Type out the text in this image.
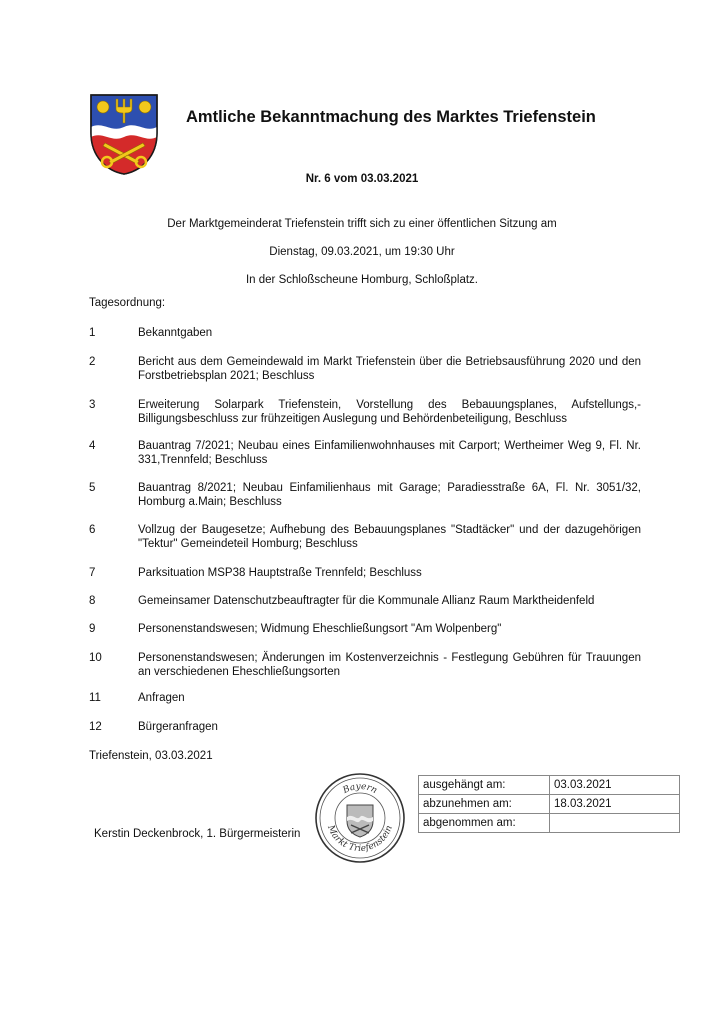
Amtliche Bekanntmachung des Marktes Triefenstein
Nr. 6 vom 03.03.2021
Der Marktgemeinderat Triefenstein trifft sich zu einer öffentlichen Sitzung am
Dienstag, 09.03.2021, um 19:30 Uhr
In der Schloßscheune Homburg, Schloßplatz.
Tagesordnung:
1	Bekanntgaben
2	Bericht aus dem Gemeindewald im Markt Triefenstein über die Betriebsausführung 2020 und den Forstbetriebsplan 2021; Beschluss
3	Erweiterung Solarpark Triefenstein, Vorstellung des Bebauungsplanes, Aufstellungs,- Billigungsbeschluss zur frühzeitigen Auslegung und Behördenbeteiligung, Beschluss
4	Bauantrag 7/2021; Neubau eines Einfamilienwohnhauses mit Carport; Wertheimer Weg 9, Fl. Nr. 331,Trennfeld; Beschluss
5	Bauantrag 8/2021; Neubau Einfamilienhaus mit Garage; Paradiesstraße 6A, Fl. Nr. 3051/32, Homburg a.Main; Beschluss
6	Vollzug der Baugesetze; Aufhebung des Bebauungsplanes "Stadtäcker" und der dazugehörigen "Tektur" Gemeindeteil Homburg; Beschluss
7	Parksituation MSP38 Hauptstraße Trennfeld; Beschluss
8	Gemeinsamer Datenschutzbeauftragter für die Kommunale Allianz Raum Marktheidenfeld
9	Personenstandswesen; Widmung Eheschließungsort "Am Wolpenberg"
10	Personenstandswesen; Änderungen im Kostenverzeichnis - Festlegung Gebühren für Trauungen an verschiedenen Eheschließungsorten
11	Anfragen
12	Bürgeranfragen
Triefenstein, 03.03.2021
Bayern
Markt Triefenstein
Kerstin Deckenbrock, 1. Bürgermeisterin
ausgehängt am:	03.03.2021
abzunehmen am:	18.03.2021
abgenommen am:	
